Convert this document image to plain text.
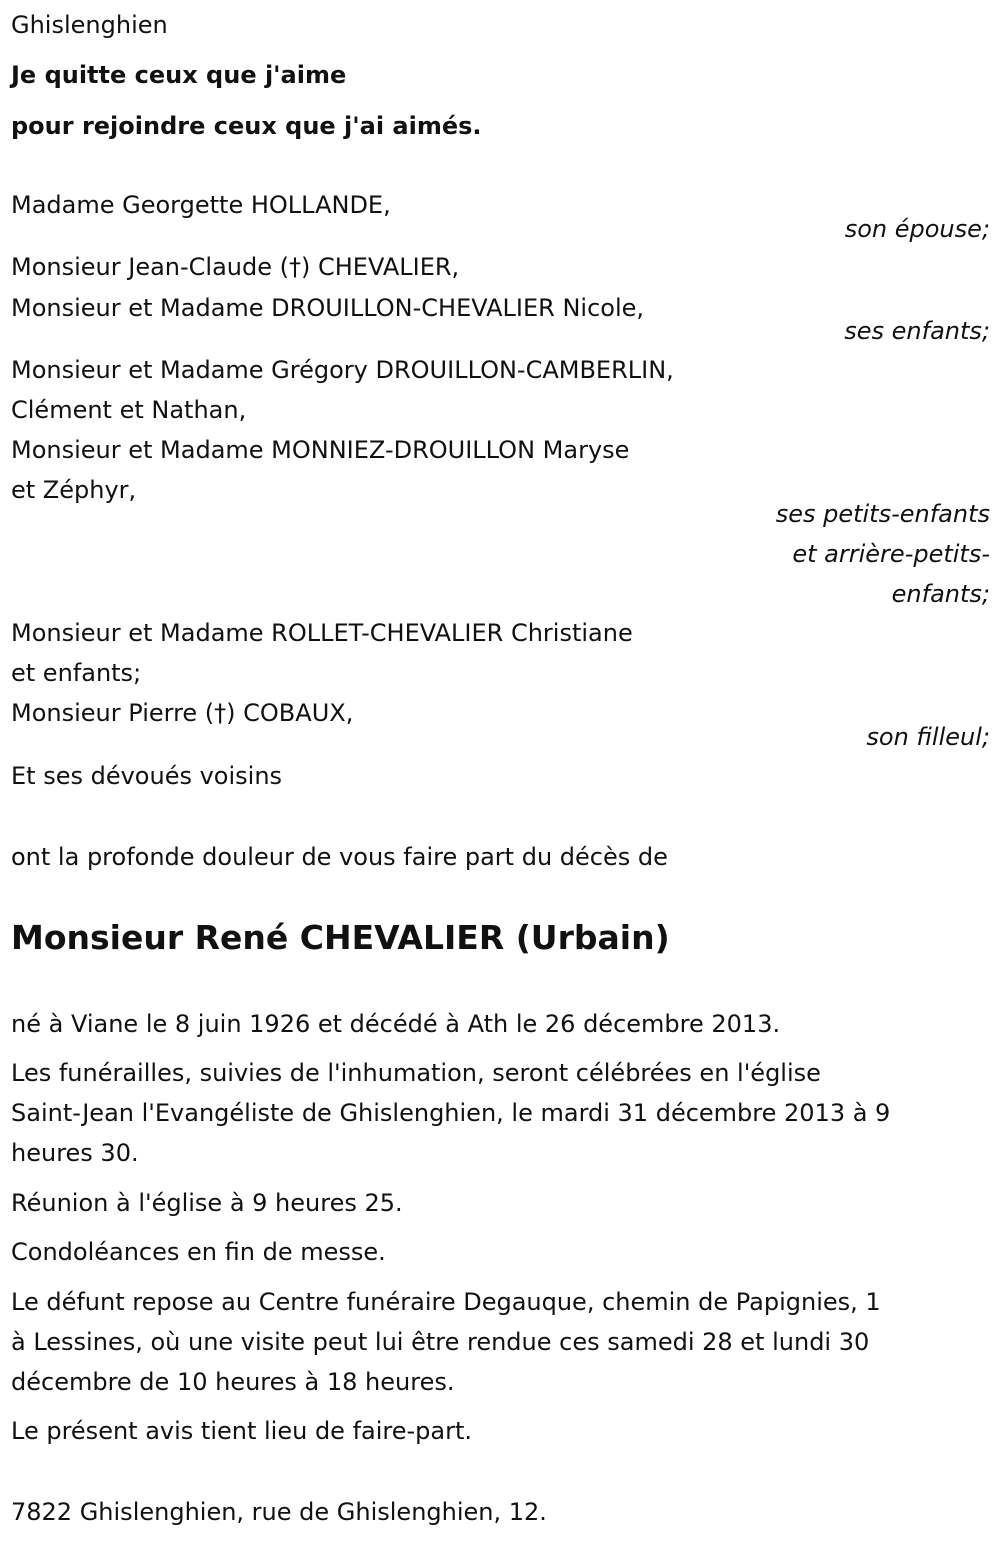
Ghislenghien
Je quitte ceux que j'aime
pour rejoindre ceux que j'ai aimés.
Madame Georgette HOLLANDE,
son épouse;
Monsieur Jean-Claude (†) CHEVALIER,
Monsieur et Madame DROUILLON-CHEVALIER Nicole,
ses enfants;
Monsieur et Madame Grégory DROUILLON-CAMBERLIN,
Clément et Nathan,
Monsieur et Madame MONNIEZ-DROUILLON Maryse
et Zéphyr,
ses petits-enfants
et arrière-petits-
enfants;
Monsieur et Madame ROLLET-CHEVALIER Christiane
et enfants;
Monsieur Pierre (†) COBAUX,
son filleul;
Et ses dévoués voisins
ont la profonde douleur de vous faire part du décès de
Monsieur René CHEVALIER (Urbain)
né à Viane le 8 juin 1926 et décédé à Ath le 26 décembre 2013.
Les funérailles, suivies de l'inhumation, seront célébrées en l'église
Saint-Jean l'Evangéliste de Ghislenghien, le mardi 31 décembre 2013 à 9
heures 30.
Réunion à l'église à 9 heures 25.
Condoléances en fin de messe.
Le défunt repose au Centre funéraire Degauque, chemin de Papignies, 1
à Lessines, où une visite peut lui être rendue ces samedi 28 et lundi 30
décembre de 10 heures à 18 heures.
Le présent avis tient lieu de faire-part.
7822 Ghislenghien, rue de Ghislenghien, 12.
